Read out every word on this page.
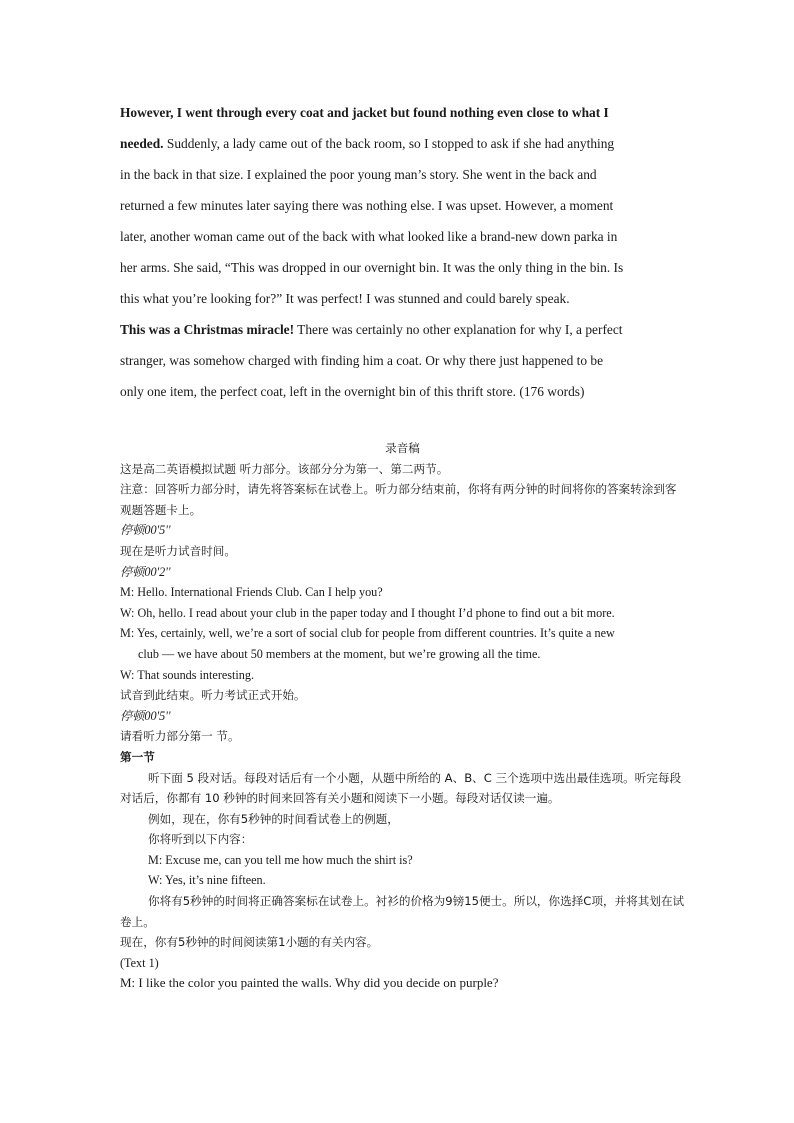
However, I went through every coat and jacket but found nothing even close to what I

needed. Suddenly, a lady came out of the back room, so I stopped to ask if she had anything

in the back in that size. I explained the poor young man’s story. She went in the back and

returned a few minutes later saying there was nothing else. I was upset. However, a moment

later, another woman came out of the back with what looked like a brand-new down parka in

her arms. She said, “This was dropped in our overnight bin. It was the only thing in the bin. Is

this what you’re looking for?” It was perfect! I was stunned and could barely speak.

This was a Christmas miracle! There was certainly no other explanation for why I, a perfect

stranger, was somehow charged with finding him a coat. Or why there just happened to be

only one item, the perfect coat, left in the overnight bin of this thrift store. (176 words)

录音稿
这是高二英语模拟试题 听力部分。该部分分为第一、第二两节。
注意：回答听力部分时，请先将答案标在试卷上。听力部分结束前，你将有两分钟的时间将你的答案转涂到客观题答题卡上。
停顿00'5''
现在是听力试音时间。
停顿00'2''
M: Hello. International Friends Club. Can I help you?
W: Oh, hello. I read about your club in the paper today and I thought I’d phone to find out a bit more.
M: Yes, certainly, well, we’re a sort of social club for people from different countries. It’s quite a new
club — we have about 50 members at the moment, but we’re growing all the time.
W: That sounds interesting.
试音到此结束。听力考试正式开始。
停顿00'5''
请看听力部分第一 节。
第一节
听下面 5 段对话。每段对话后有一个小题，从题中所给的 A、B、C 三个选项中选出最佳选项。听完每段对话后，你都有 10 秒钟的时间来回答有关小题和阅读下一小题。每段对话仅读一遍。
例如，现在，你有5秒钟的时间看试卷上的例题，
你将听到以下内容：
M: Excuse me, can you tell me how much the shirt is?
W: Yes, it’s nine fifteen.
你将有5秒钟的时间将正确答案标在试卷上。衬衫的价格为9镑15便士。所以，你选择C项，并将其划在试卷上。
现在，你有5秒钟的时间阅读第1小题的有关内容。
(Text 1)
M: I like the color you painted the walls. Why did you decide on purple?
